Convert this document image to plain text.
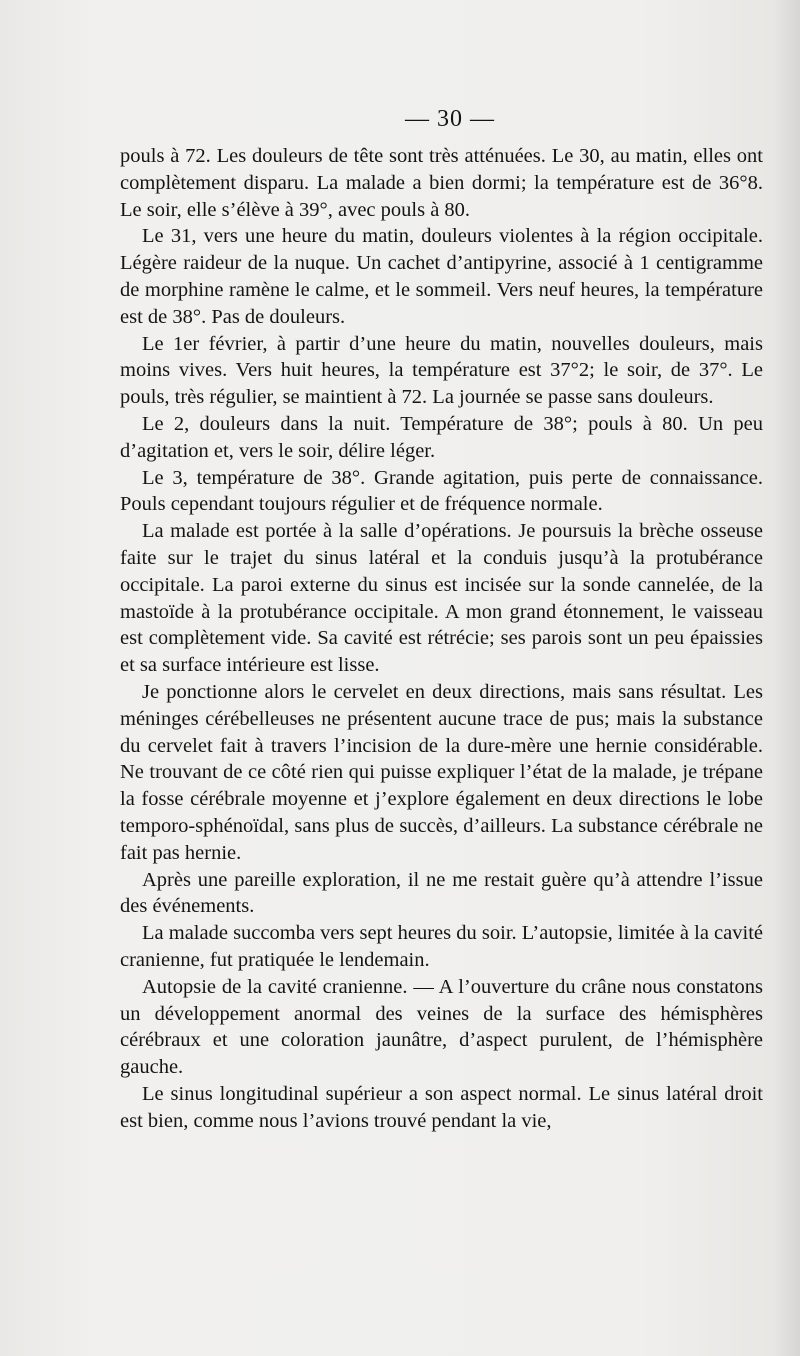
— 30 —

pouls à 72. Les douleurs de tête sont très atténuées. Le 30, au matin, elles ont complètement disparu. La malade a bien dormi; la température est de 36°8. Le soir, elle s’élève à 39°, avec pouls à 80.

Le 31, vers une heure du matin, douleurs violentes à la région occipitale. Légère raideur de la nuque. Un cachet d’antipyrine, associé à 1 centigramme de morphine ramène le calme, et le sommeil. Vers neuf heures, la température est de 38°. Pas de douleurs.

Le 1er février, à partir d’une heure du matin, nouvelles douleurs, mais moins vives. Vers huit heures, la température est 37°2; le soir, de 37°. Le pouls, très régulier, se maintient à 72. La journée se passe sans douleurs.

Le 2, douleurs dans la nuit. Température de 38°; pouls à 80. Un peu d’agitation et, vers le soir, délire léger.

Le 3, température de 38°. Grande agitation, puis perte de connaissance. Pouls cependant toujours régulier et de fréquence normale.

La malade est portée à la salle d’opérations. Je poursuis la brèche osseuse faite sur le trajet du sinus latéral et la conduis jusqu’à la protubérance occipitale. La paroi externe du sinus est incisée sur la sonde cannelée, de la mastoïde à la protubérance occipitale. A mon grand étonnement, le vaisseau est complètement vide. Sa cavité est rétrécie; ses parois sont un peu épaissies et sa surface intérieure est lisse.

Je ponctionne alors le cervelet en deux directions, mais sans résultat. Les méninges cérébelleuses ne présentent aucune trace de pus; mais la substance du cervelet fait à travers l’incision de la dure-mère une hernie considérable. Ne trouvant de ce côté rien qui puisse expliquer l’état de la malade, je trépane la fosse cérébrale moyenne et j’explore également en deux directions le lobe temporo-sphénoïdal, sans plus de succès, d’ailleurs. La substance cérébrale ne fait pas hernie.

Après une pareille exploration, il ne me restait guère qu’à attendre l’issue des événements.

La malade succomba vers sept heures du soir. L’autopsie, limitée à la cavité cranienne, fut pratiquée le lendemain.

Autopsie de la cavité cranienne. — A l’ouverture du crâne nous constatons un développement anormal des veines de la surface des hémisphères cérébraux et une coloration jaunâtre, d’aspect purulent, de l’hémisphère gauche.

Le sinus longitudinal supérieur a son aspect normal. Le sinus latéral droit est bien, comme nous l’avions trouvé pendant la vie,
